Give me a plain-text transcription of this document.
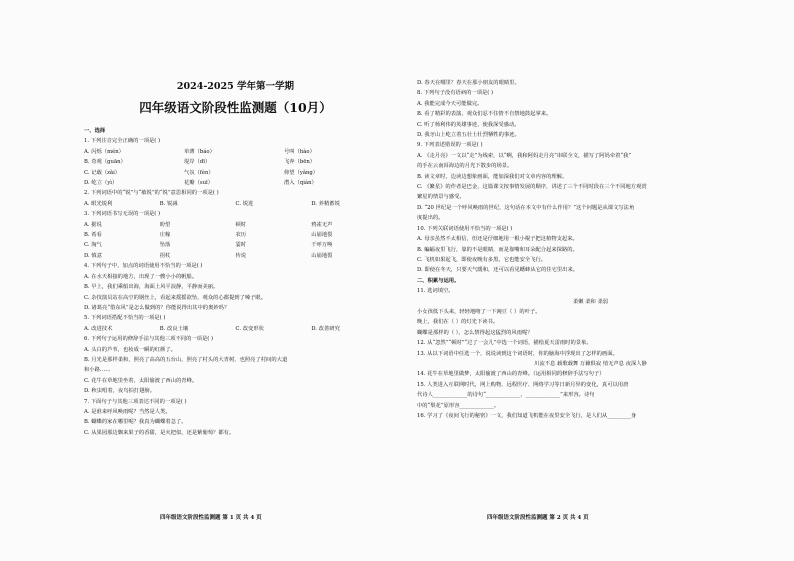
2024-2025 学年第一学期
四年级语文阶段性监测题（10月）
一、选择
1. 下列注音完全正确的一项是( )
A. 闪烁（mén）	单薄（báo）	号叫（hào）
B. 奇观（guān）	堤岸（dī）	飞奔（bēn）
C. 记载（zǎi）	气氛（fèn）	仰望（yǎng）
D. 屹立（yì）	花瓣（suī）	潜入（qián）
2. 下列词语中的“锐”与“敏锐”的“锐”意思相同的一项是( )
A. 眼光锐利	B. 锐减	C. 锐进	D. 养精蓄锐
3. 下列词语书写无误的一项是( )
A. 据说	盼望	顿时	鸦雀无声
B. 希看	庄稼	农历	山崩地裂
C. 淘气	坠落	霎时	千呼万唤
D. 慎意	拐杖	传说	山崩地裂
4. 下列句子中，加点的词语使用不恰当的一项是( )
A. 在水天相接的地方，出现了一艘小小的帆船。
B. 早上，我们乘船出海，海面上风平浪静，平静而美丽。
C. 杂技演员站在高空的钢丝上，看起来摇摇欲坠，观众的心都提到了嗓子眼。
D. 诸葛亮“借东风”是怎么做到的？你能说得出其中的奥妙吗？
5. 下列词语搭配不恰当的一项是( )
A. 改进技术	B. 改良土壤	C. 改变形状	D. 改善研究
6. 下列句子运用的修辞手法与其他三项不同的一项是( )
A. 头白的芦苇，也妆成一瞬的红颜了。
B. 月光是那样柔和，照亮了高高的五台山，照亮了村头的大青树，也照亮了村间的大道
和小路……
C. 花牛在草地里坐着，太阳偷渡了西山的青峰。
D. 秋虫唱着，夜鸟拍打翅膀。
7. 下面句子与其他三项表达不同的一项是( )
A. 是谁来呼风唤雨呢？当然是人类。
B. 蝴蝶的家在哪里呢？我真为蝴蝶着急了。
C. 从果园那边飘来果子的香甜，是火把似，还是紫葡萄？都有。
四年级语文阶段性监测题 第 1 页 共 4 页
D. 春天在哪里？春天在那小朋友的眼睛里。
8. 下列句子没有语病的一项是( )
A. 我能完成今天可能做完。
B. 看了精彩的表演，观众们忍不住情不自禁地鼓起掌来。
C. 听了杨利伟的英雄事迹，使我深受感动。
D. 我牙山上屹立着五壮士壮烈牺牲的事迹。
9. 下列表述错误的一项是( )
A. 《走月亮》一文以“走”为线索，以“啊，我和阿妈走月亮”串联全文，描写了阿妈牵着“我”
的手在云南洱海边的月光下散步的场景。
B. 读文章时，边读边想象画面，能加深我们对文章内容的理解。
C. 《繁星》的作者是巴金，这篇课文按事情发展的顺序，讲述了三个不同时段在三个不同地方观赏
繁星的情景与感受。
D. “20 世纪是一个呼风唤雨的世纪，这句话在本文中有什么作用？”这个问题是从课文写法角
度提出的。
10. 下列关联词语使用不恰当的一项是( )
A. 母亲虽然不太相信，但还是仔细地用一根小棍子把这植物支起来。
B. 蝙蝠夜里飞行，靠的不是眼睛，而是靠嘴和耳朵配合起来探路的。
C. 飞机如果起飞，即使夜晚有多黑，它也能安全飞行。
D. 即使在冬天，只要天气暖和，还可以看见蟋蟀从它的住宅里出来。
二、积累与运用。
11. 选词填空。
柔嫩 柔和 柔弱
小女孩低下头来，轻轻地吻了一下豌豆（ ）的叶子。
晚上，我们在（ ）的灯光下读书。
蝴蝶是那样的（ ），怎么禁得起这猛烈的风雨呢？
12. 从“忽然”“顿时”“过了一会儿”中选一个词语，描绘夏天雷雨时的景象。
13. 从以下词语中任选一个，说说读到这个词语时，你的脑海中浮现出了怎样的画面。
川流不息 载歌载舞 万籁俱寂 悄无声息 夜深人静
14. 花牛在草地里做梦，太阳偷渡了西山的青峰。（运用相同的修辞手法写句子）
15. 人类进入互联网时代，网上购物、远程医疗、网络学习等日新月异的变化，真可以用唐
代诗人_____________的诗句“_____________，_____________”来形容。诗句
中的“梨花”原形容_____________。
16. 学习了《夜间飞行的秘密》一文，我们知道飞机能在夜里安全飞行，是人们从_________身
四年级语文阶段性监测题 第 2 页 共 4 页
